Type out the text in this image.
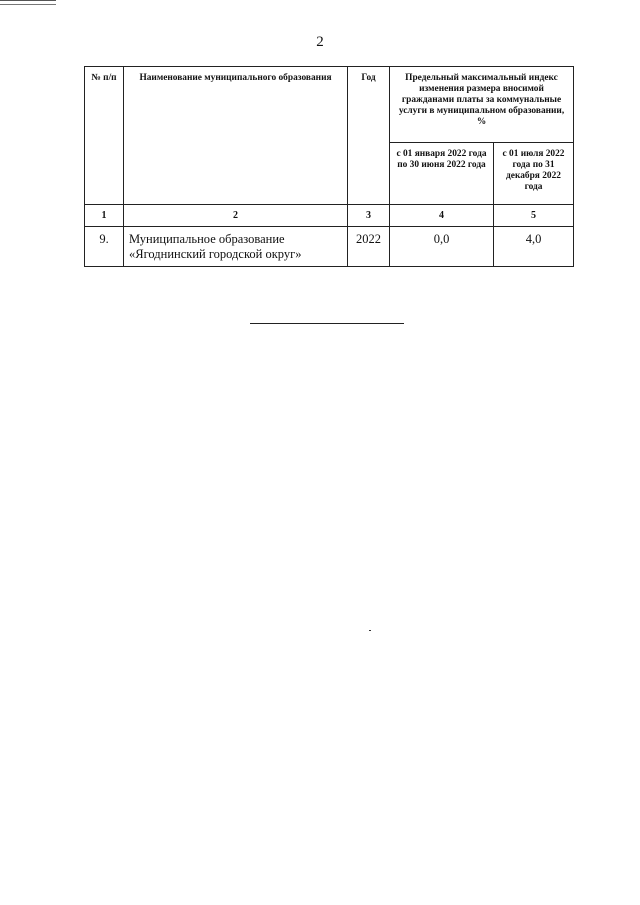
2
№ п/п	Наименование муниципального образования	Год	Предельный максимальный индекс изменения размера вносимой гражданами платы за коммунальные услуги в муниципальном образовании, %	
			с 01 января 2022 года по 30 июня 2022 года	с 01 июля 2022 года по 31 декабря 2022 года
1	2	3	4	5
9.	Муниципальное образование «Ягоднинский городской округ»	2022	0,0	4,0
